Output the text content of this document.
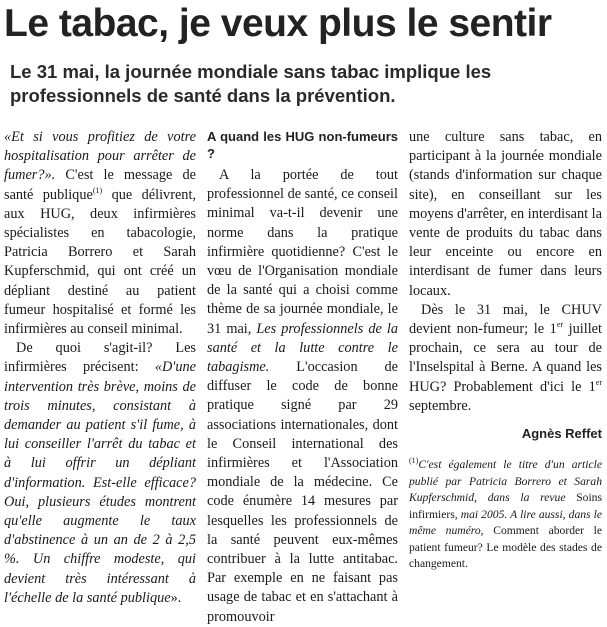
Le tabac, je veux plus le sentir
Le 31 mai, la journée mondiale sans tabac implique les professionnels de santé dans la prévention.

«Et si vous profitiez de votre hospitalisation pour arrêter de fumer?». C'est le message de santé publique$^{(1)}$ que délivrent, aux HUG, deux infirmières spécialistes en tabacologie, Patricia Borrero et Sarah Kupferschmid, qui ont créé un dépliant destiné au patient fumeur hospitalisé et formé les infirmières au conseil minimal.

De quoi s'agit-il? Les infirmières précisent: «D'une intervention très brève, moins de trois minutes, consistant à demander au patient s'il fume, à lui conseiller l'arrêt du tabac et à lui offrir un dépliant d'information. Est-elle efficace? Oui, plusieurs études montrent qu'elle augmente le taux d'abstinence à un an de 2 à 2,5 %. Un chiffre modeste, qui devient très intéressant à l'échelle de la santé publique».

A quand les HUG non-fumeurs ?

A la portée de tout professionnel de santé, ce conseil minimal va-t-il devenir une norme dans la pratique infirmière quotidienne? C'est le vœu de l'Organisation mondiale de la santé qui a choisi comme thème de sa journée mondiale, le 31 mai, Les professionnels de la santé et la lutte contre le tabagisme. L'occasion de diffuser le code de bonne pratique signé par 29 associations internationales, dont le Conseil international des infirmières et l'Association mondiale de la médecine. Ce code énumère 14 mesures par lesquelles les professionnels de la santé peuvent eux-mêmes contribuer à la lutte antitabac. Par exemple en ne faisant pas usage de tabac et en s'attachant à promouvoir

une culture sans tabac, en participant à la journée mondiale (stands d'information sur chaque site), en conseillant sur les moyens d'arrêter, en interdisant la vente de produits du tabac dans leur enceinte ou encore en interdisant de fumer dans leurs locaux.

Dès le 31 mai, le CHUV devient non-fumeur; le 1er juillet prochain, ce sera au tour de l'Inselspital à Berne. A quand les HUG? Probablement d'ici le 1er septembre.

Agnès Reffet
$^{(1)}$C'est également le titre d'un article publié par Patricia Borrero et Sarah Kupferschmid, dans la revue Soins infirmiers, mai 2005. A lire aussi, dans le même numéro, Comment aborder le patient fumeur? Le modèle des stades de changement.
